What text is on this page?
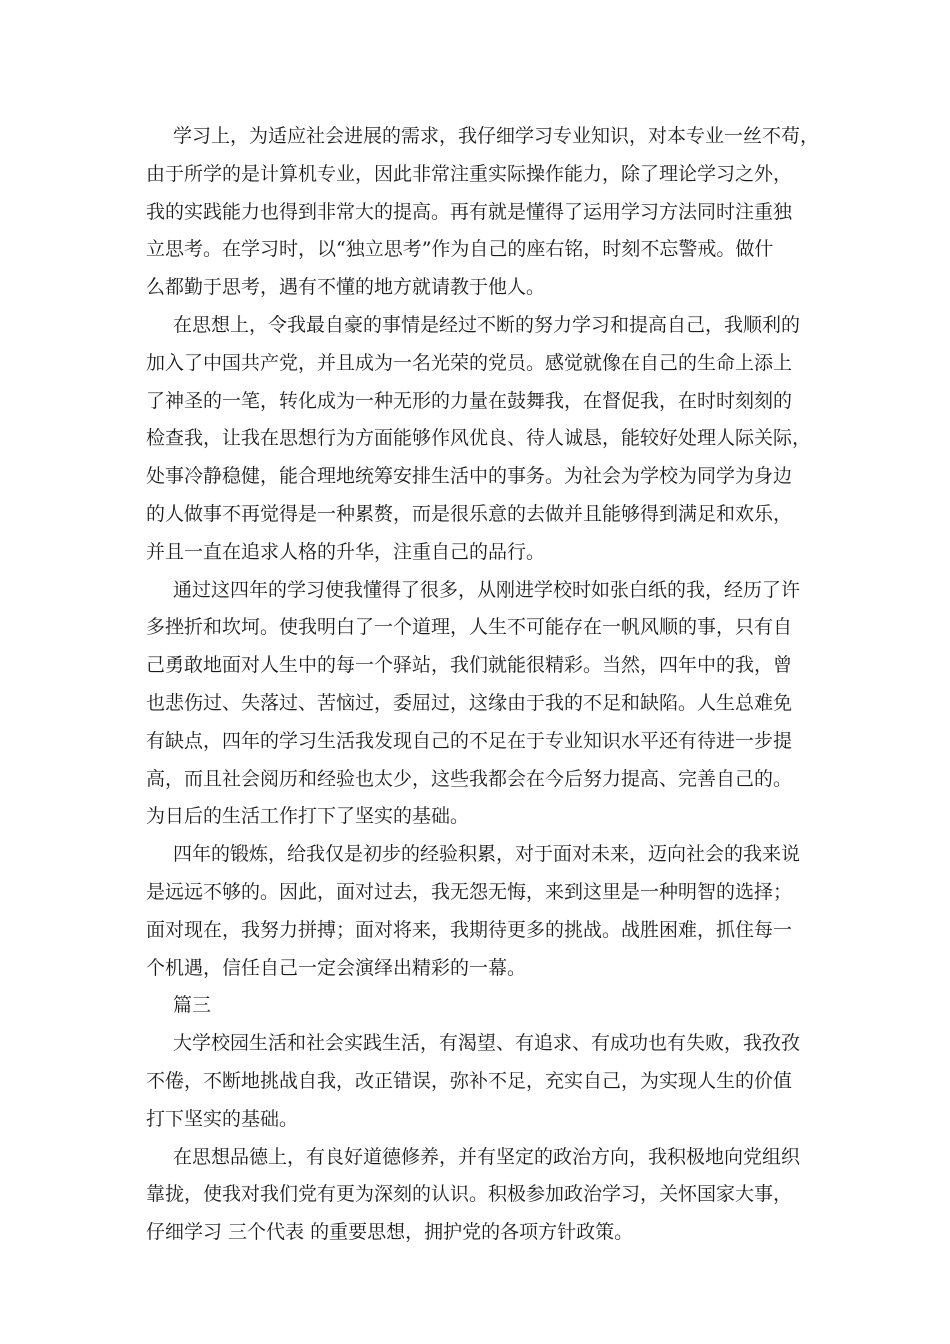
学习上，为适应社会进展的需求，我仔细学习专业知识，对本专业一丝不苟，
由于所学的是计算机专业，因此非常注重实际操作能力，除了理论学习之外，
我的实践能力也得到非常大的提高。再有就是懂得了运用学习方法同时注重独
立思考。在学习时，以“独立思考”作为自己的座右铭，时刻不忘警戒。做什
么都勤于思考，遇有不懂的地方就请教于他人。
在思想上，令我最自豪的事情是经过不断的努力学习和提高自己，我顺利的
加入了中国共产党，并且成为一名光荣的党员。感觉就像在自己的生命上添上
了神圣的一笔，转化成为一种无形的力量在鼓舞我，在督促我，在时时刻刻的
检查我，让我在思想行为方面能够作风优良、待人诚恳，能较好处理人际关际，
处事冷静稳健，能合理地统筹安排生活中的事务。为社会为学校为同学为身边
的人做事不再觉得是一种累赘，而是很乐意的去做并且能够得到满足和欢乐，
并且一直在追求人格的升华，注重自己的品行。
通过这四年的学习使我懂得了很多，从刚进学校时如张白纸的我，经历了许
多挫折和坎坷。使我明白了一个道理，人生不可能存在一帆风顺的事，只有自
己勇敢地面对人生中的每一个驿站，我们就能很精彩。当然，四年中的我，曾
也悲伤过、失落过、苦恼过，委屈过，这缘由于我的不足和缺陷。人生总难免
有缺点，四年的学习生活我发现自己的不足在于专业知识水平还有待进一步提
高，而且社会阅历和经验也太少，这些我都会在今后努力提高、完善自己的。
为日后的生活工作打下了坚实的基础。
四年的锻炼，给我仅是初步的经验积累，对于面对未来，迈向社会的我来说
是远远不够的。因此，面对过去，我无怨无悔，来到这里是一种明智的选择；
面对现在，我努力拼搏；面对将来，我期待更多的挑战。战胜困难，抓住每一
个机遇，信任自己一定会演绎出精彩的一幕。
篇三
大学校园生活和社会实践生活，有渴望、有追求、有成功也有失败，我孜孜
不倦，不断地挑战自我，改正错误，弥补不足，充实自己，为实现人生的价值
打下坚实的基础。
在思想品德上，有良好道德修养，并有坚定的政治方向，我积极地向党组织
靠拢，使我对我们党有更为深刻的认识。积极参加政治学习，关怀国家大事，
仔细学习 三个代表 的重要思想，拥护党的各项方针政策。
